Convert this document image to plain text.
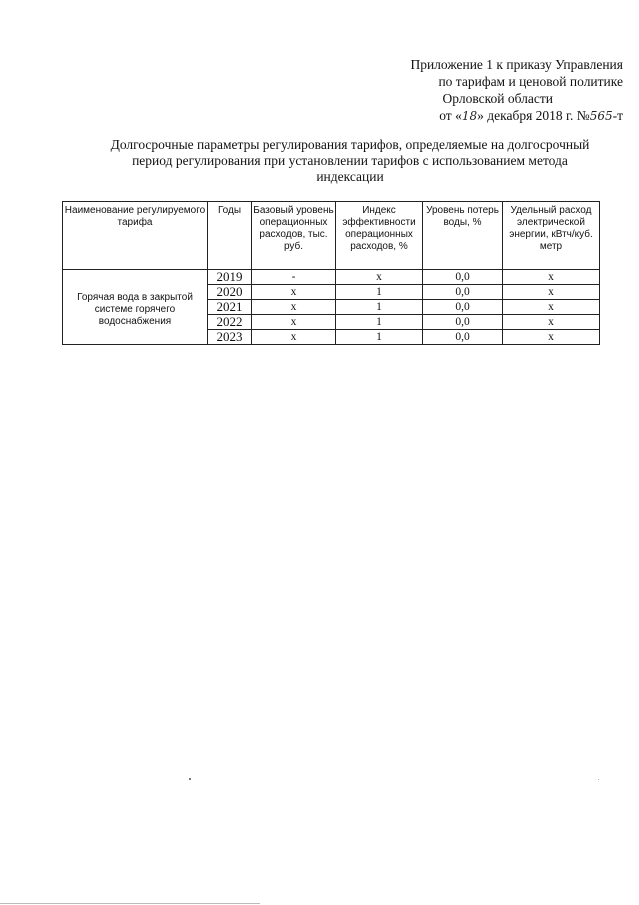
Приложение 1 к приказу Управления
по тарифам и ценовой политике
Орловской области
от «18» декабря 2018 г. №565-т
Долгосрочные параметры регулирования тарифов, определяемые на долгосрочный
период регулирования при установлении тарифов с использованием метода
индексации
Наименование регулируемого тарифа	Годы	Базовый уровень операционных расходов, тыс. руб.	Индекс эффективности операционных расходов, %	Уровень потерь воды, %	Удельный расход электрической энергии, кВтч/куб. метр
Горячая вода в закрытой системе горячего водоснабжения	2019	-	х	0,0	х
	2020	х	1	0,0	х
	2021	х	1	0,0	х
	2022	х	1	0,0	х
	2023	х	1	0,0	х
